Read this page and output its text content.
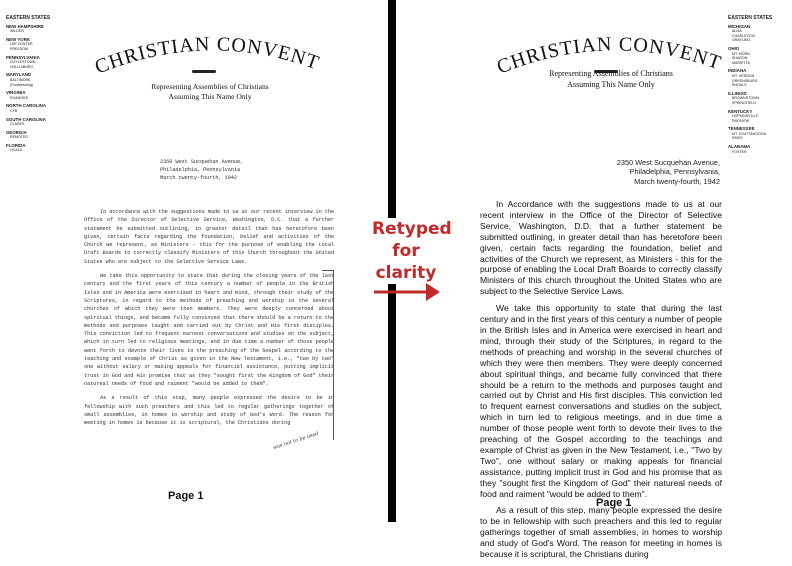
EASTERN STATES
NEW HAMPSHIRE
WILDER
NEW YORK
LEE CENTER
FREEDOM
PENNSYLVANIA
DOYLESTOWN
HOLLISBURG
MARYLAND
BALTIMORE
(Fowblesburg)
VIRGINIA
ROANOKE
NORTH CAROLINA
CFB
SOUTH CAROLINA
CLARKS
GEORGIA
REMOTED
FLORIDA
OCALA
CHRISTIAN CONVEN
Representing Assemblies of Christians
Assuming This Name Only
2350 West Sucquehan Avenue,
Philadelphia, Pennsylvania
March twenty-fourth, 1942

In accordance with the suggestions made to us at our recent interview in the Office of the Director of Selective Service, Washington, D.C. that a further statement be submitted outlining, in greater detail than has heretofore been given, certain facts regarding the foundation, belief and activities of the Church we represent, as Ministers - this for the purpose of enabling the Local Draft Boards to correctly classify Ministers of this Church throughout the United States who are subject to the Selective Service Laws.

We take this opportunity to state that during the closing years of the last century and the first years of this century a number of people in the British Isles and in America were exercised in heart and mind, through their study of the Scriptures, in regard to the methods of preaching and worship in the several churches of which they were then members. They were deeply concerned about spiritual things, and became fully convinced that there should be a return to the methods and purposes taught and carried out by Christ and His first disciples. This conviction led to frequent earnest conversations and studies on the subject, which in turn led to religious meetings, and in due time a number of those people went forth to devote their lives to the preaching of the Gospel according to the teaching and example of Christ as given in the New Testament, i.e., "two by two" one without salary or making appeals for financial assistance, putting implicit trust in God and His promise that as they "sought first the Kingdom of God" their natureal needs of food and raiment "would be added to them".

As a result of this step, many people expressed the desire to be in fellowship with such preachers and this led to regular gatherings together of small assemblies, in homes to worship and study of God's Word. The reason for meeting in homes is because it is scriptural, the Christians during

was not to be used
Page 1
CHRISTIAN CONVEN
Representing Assemblies of Christians
Assuming This Name Only
2350 West Sucquehan Avenue,
Philadelphia, Pennsylvania,
March twenty-fourth, 1942

In Accordance with the suggestions made to us at our recent interview in the Office of the Director of Selective Service, Washington, D.D. that a further statement be submitted outlining, in greater detail than has heretofore been given, certain facts regarding the foundation, belief and activities of the Church we represent, as Ministers - this for the purpose of enabling the Local Draft Boards to correctly classify Ministers of this church throughout the United States who are subject to the Selective Service Laws.

We take this opportunity to state that during the last century and in the first years of this century a number of people in the British Isles and in America were exercised in heart and mind, through their study of the Scriptures, in regard to the methods of preaching and worship in the several churches of which they were then members. They were deeply concerned about spiritual things, and became fully convinced that there should be a return to the methods and purposes taught and carried out by Christ and His first disciples. This conviction led to frequent earnest conversations and studies on the subject, which in turn led to religious meetings, and in due time a number of those people went forth to devote their lives to the preaching of the Gospel according to the teachings and example of Christ as given in the New Testament, i.e., "Two by Two", one without salary or making appeals for financial assistance, putting implicit trust in God and his promise that as they "sought first the Kingdom of God" their natureal needs of food and raiment "would be added to them".

As a result of this step, many people expressed the desire to be in fellowship with such preachers and this led to regular gatherings together of small assemblies, in homes to worship and study of God's Word. The reason for meeting in homes is because it is scriptural, the Christians during

Page 1
EASTERN STATES
MICHIGAN
ALMA
CHARLEVOIX
GRAYLING
OHIO
MT. MORN
SHARON
MARIETTA
INDIANA
MT. VERNON
GREENSBURG
SHOALS
ILLINOIS
BROWNSTOWN
SPRINGFIELD
KENTUCKY
HOPKINSVILLE
FAIRVIEW
TENNESSEE
MT. CHATTANOOGA
PARIS
ALABAMA
FOSTER
Retyped
for
clarity
